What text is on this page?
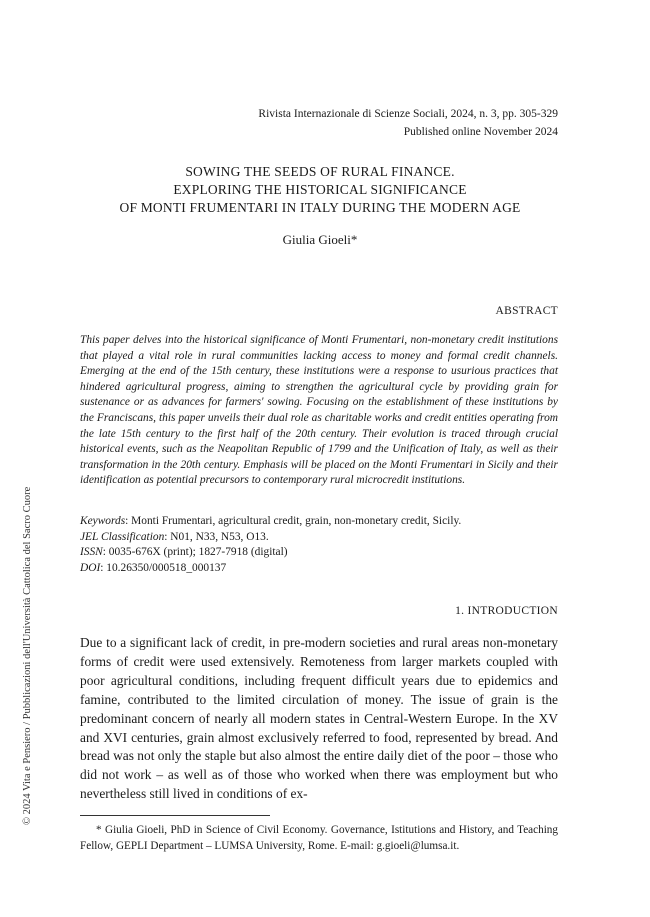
Rivista Internazionale di Scienze Sociali, 2024, n. 3, pp. 305-329
Published online November 2024
SOWING THE SEEDS OF RURAL FINANCE.
EXPLORING THE HISTORICAL SIGNIFICANCE
OF MONTI FRUMENTARI IN ITALY DURING THE MODERN AGE
Giulia Gioeli*
ABSTRACT
This paper delves into the historical significance of Monti Frumentari, non-monetary credit institutions that played a vital role in rural communities lacking access to money and formal credit channels. Emerging at the end of the 15th century, these institutions were a response to usurious practices that hindered agricultural progress, aiming to strengthen the agricultural cycle by providing grain for sustenance or as advances for farmers' sowing. Focusing on the establishment of these institutions by the Franciscans, this paper unveils their dual role as charitable works and credit entities operating from the late 15th century to the first half of the 20th century. Their evolution is traced through crucial historical events, such as the Neapolitan Republic of 1799 and the Unification of Italy, as well as their transformation in the 20th century. Emphasis will be placed on the Monti Frumentari in Sicily and their identification as potential precursors to contemporary rural microcredit institutions.
Keywords: Monti Frumentari, agricultural credit, grain, non-monetary credit, Sicily.
JEL Classification: N01, N33, N53, O13.
ISSN: 0035-676X (print); 1827-7918 (digital)
DOI: 10.26350/000518_000137
1. INTRODUCTION
Due to a significant lack of credit, in pre-modern societies and rural areas non-monetary forms of credit were used extensively. Remoteness from larger markets coupled with poor agricultural conditions, including frequent difficult years due to epidemics and famine, contributed to the limited circulation of money. The issue of grain is the predominant concern of nearly all modern states in Central-Western Europe. In the XV and XVI centuries, grain almost exclusively referred to food, represented by bread. And bread was not only the staple but also almost the entire daily diet of the poor – those who did not work – as well as of those who worked when there was employment but who nevertheless still lived in conditions of ex-
* Giulia Gioeli, PhD in Science of Civil Economy. Governance, Istitutions and History, and Teaching Fellow, GEPLI Department – LUMSA University, Rome. E-mail: g.gioeli@lumsa.it.
© 2024 Vita e Pensiero / Pubblicazioni dell'Università Cattolica del Sacro Cuore
